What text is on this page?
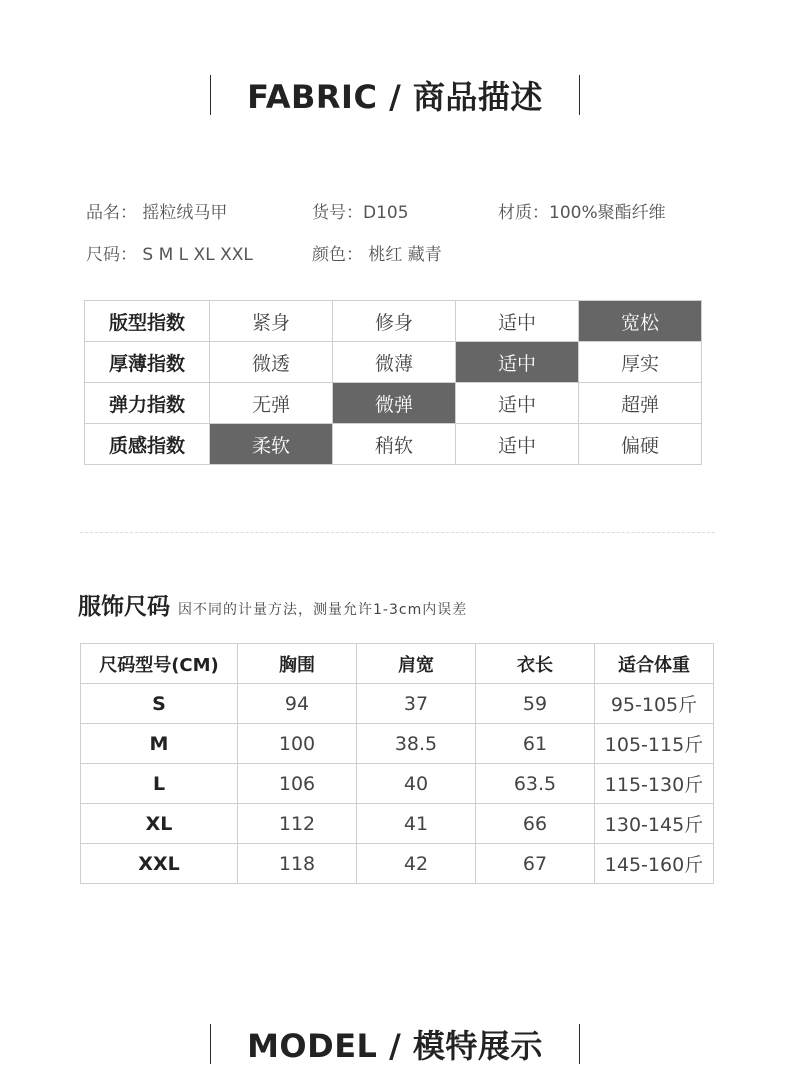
FABRIC / 商品描述
品名： 摇粒绒马甲	货号：D105	材质：100%聚酯纤维
尺码： S M L XL XXL	颜色： 桃红 藏青
版型指数	紧身	修身	适中	宽松
厚薄指数	微透	微薄	适中	厚实
弹力指数	无弹	微弹	适中	超弹
质感指数	柔软	稍软	适中	偏硬
服饰尺码 因不同的计量方法，测量允许1-3cm内误差
尺码型号(CM)	胸围	肩宽	衣长	适合体重
S	94	37	59	95-105斤
M	100	38.5	61	105-115斤
L	106	40	63.5	115-130斤
XL	112	41	66	130-145斤
XXL	118	42	67	145-160斤
MODEL / 模特展示
